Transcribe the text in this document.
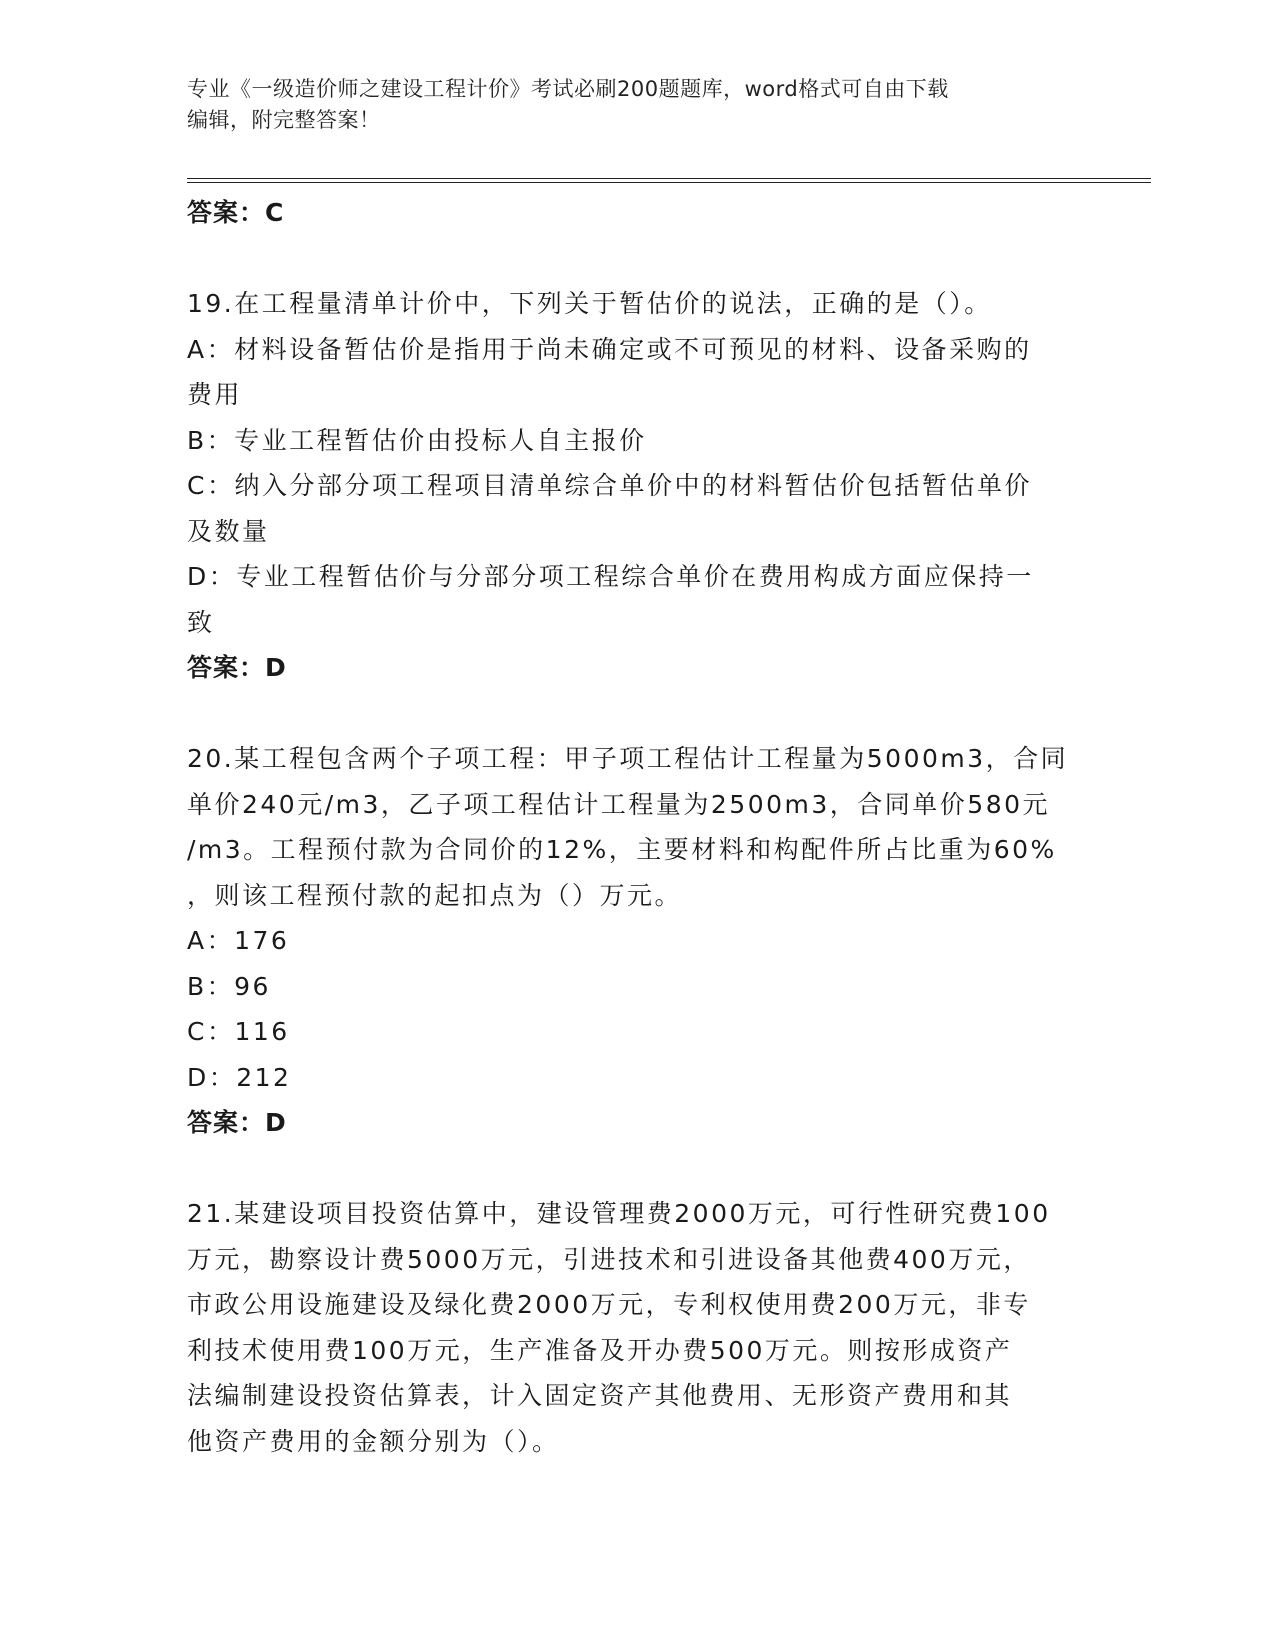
专业《一级造价师之建设工程计价》考试必刷200题题库，word格式可自由下载
编辑，附完整答案！
答案：C
19.在工程量清单计价中，下列关于暂估价的说法，正确的是（）。
A：材料设备暂估价是指用于尚未确定或不可预见的材料、设备采购的
费用
B：专业工程暂估价由投标人自主报价
C：纳入分部分项工程项目清单综合单价中的材料暂估价包括暂估单价
及数量
D：专业工程暂估价与分部分项工程综合单价在费用构成方面应保持一
致
答案：D
20.某工程包含两个子项工程：甲子项工程估计工程量为5000m3，合同
单价240元/m3，乙子项工程估计工程量为2500m3，合同单价580元
/m3。工程预付款为合同价的12%，主要材料和构配件所占比重为60%
，则该工程预付款的起扣点为（）万元。
A：176
B：96
C：116
D：212
答案：D
21.某建设项目投资估算中，建设管理费2000万元，可行性研究费100
万元，勘察设计费5000万元，引进技术和引进设备其他费400万元，
市政公用设施建设及绿化费2000万元，专利权使用费200万元，非专
利技术使用费100万元，生产准备及开办费500万元。则按形成资产
法编制建设投资估算表，计入固定资产其他费用、无形资产费用和其
他资产费用的金额分别为（）。
